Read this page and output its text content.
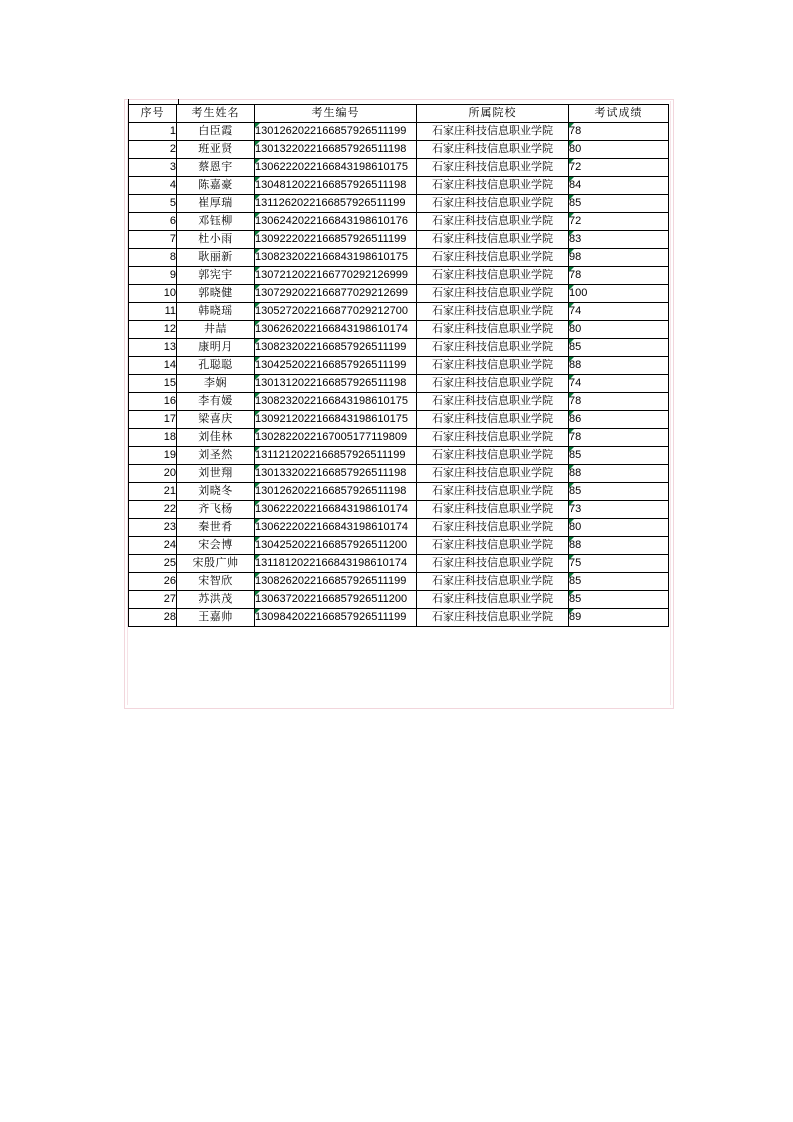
序号	考生姓名	考生编号	所属院校	考试成绩
1	白臣霞	1301262022166857926511199	石家庄科技信息职业学院	78
2	班亚贤	1301322022166857926511198	石家庄科技信息职业学院	80
3	蔡恩宇	1306222022166843198610175	石家庄科技信息职业学院	72
4	陈嘉豪	1304812022166857926511198	石家庄科技信息职业学院	84
5	崔厚瑞	1311262022166857926511199	石家庄科技信息职业学院	85
6	邓钰柳	1306242022166843198610176	石家庄科技信息职业学院	72
7	杜小雨	1309222022166857926511199	石家庄科技信息职业学院	83
8	耿丽新	1308232022166843198610175	石家庄科技信息职业学院	98
9	郭宪宇	1307212022166770292126999	石家庄科技信息职业学院	78
10	郭晓健	1307292022166877029212699	石家庄科技信息职业学院	100
11	韩晓瑶	1305272022166877029212700	石家庄科技信息职业学院	74
12	井喆	1306262022166843198610174	石家庄科技信息职业学院	80
13	康明月	1308232022166857926511199	石家庄科技信息职业学院	85
14	孔聪聪	1304252022166857926511199	石家庄科技信息职业学院	88
15	李娴	1301312022166857926511198	石家庄科技信息职业学院	74
16	李有媛	1308232022166843198610175	石家庄科技信息职业学院	78
17	梁喜庆	1309212022166843198610175	石家庄科技信息职业学院	86
18	刘佳林	1302822022167005177119809	石家庄科技信息职业学院	78
19	刘圣然	1311212022166857926511199	石家庄科技信息职业学院	85
20	刘世翔	1301332022166857926511198	石家庄科技信息职业学院	88
21	刘晓冬	1301262022166857926511198	石家庄科技信息职业学院	85
22	齐飞杨	1306222022166843198610174	石家庄科技信息职业学院	73
23	秦世肴	1306222022166843198610174	石家庄科技信息职业学院	80
24	宋会博	1304252022166857926511200	石家庄科技信息职业学院	88
25	宋殷广帅	1311812022166843198610174	石家庄科技信息职业学院	75
26	宋智欣	1308262022166857926511199	石家庄科技信息职业学院	85
27	苏洪茂	1306372022166857926511200	石家庄科技信息职业学院	85
28	王嘉帅	1309842022166857926511199	石家庄科技信息职业学院	89
